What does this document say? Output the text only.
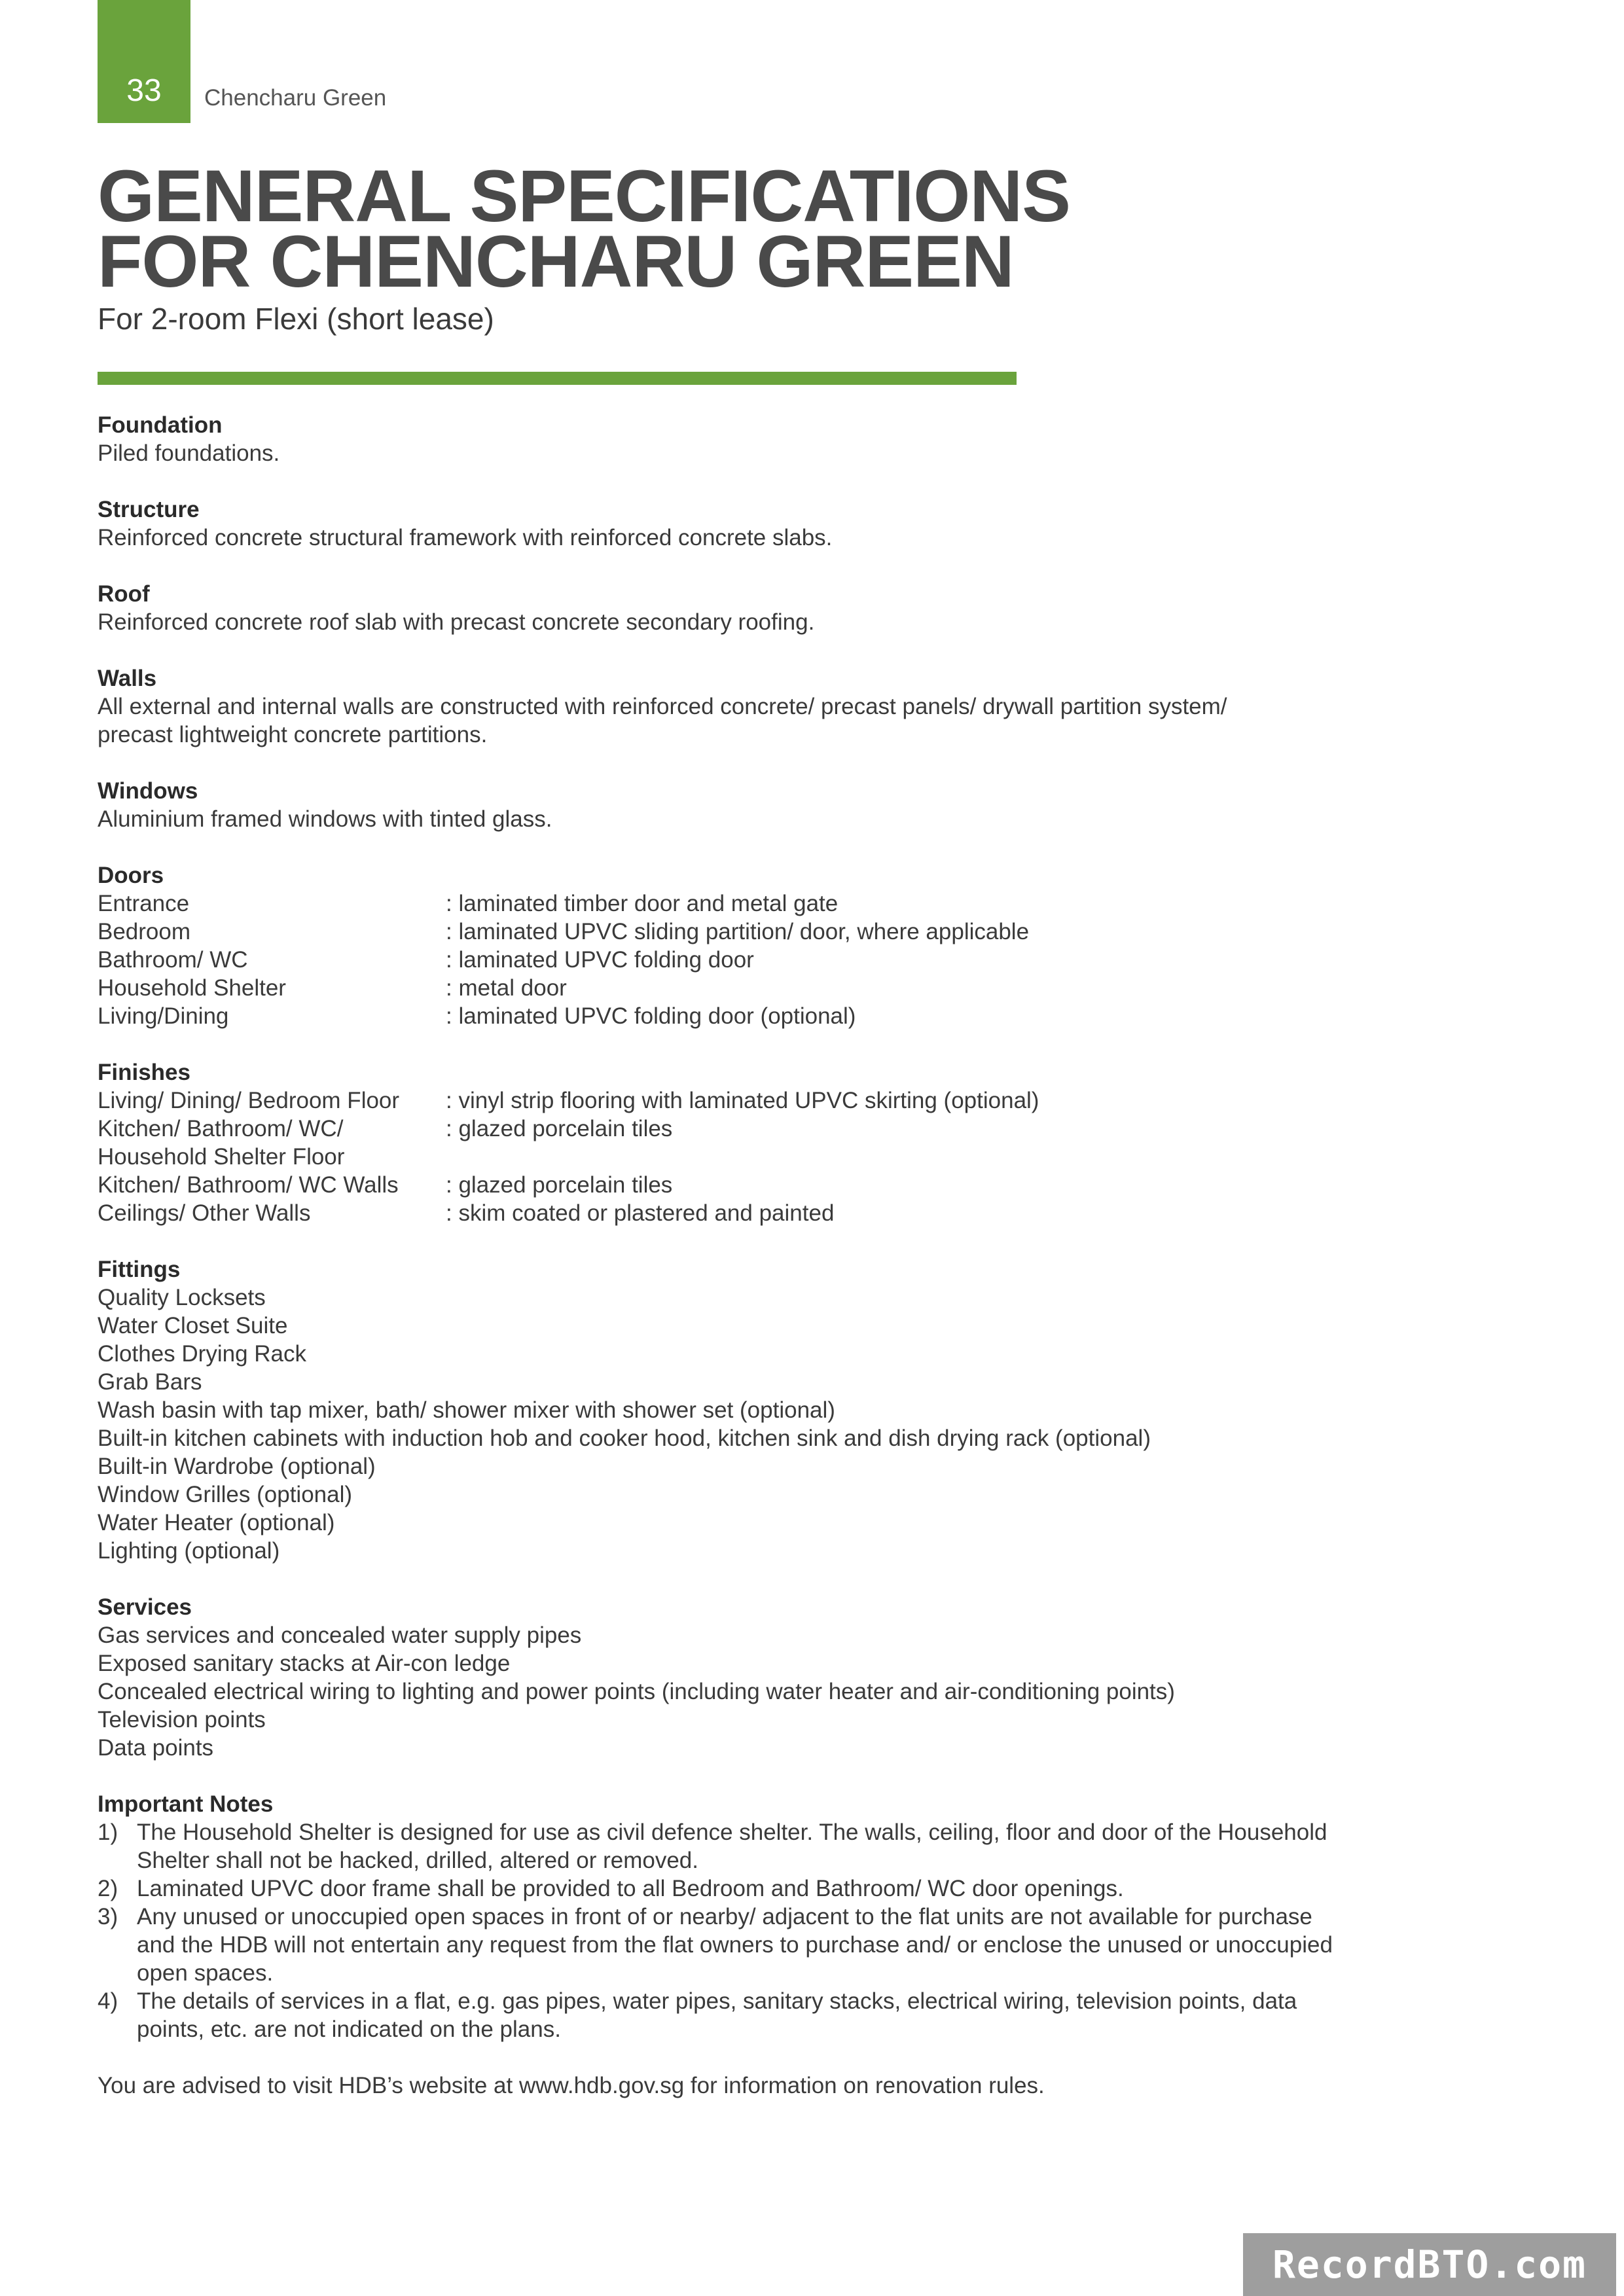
33 Chencharu Green
GENERAL SPECIFICATIONS
FOR CHENCHARU GREEN
For 2-room Flexi (short lease)
Foundation
Piled foundations.
Structure
Reinforced concrete structural framework with reinforced concrete slabs.
Roof
Reinforced concrete roof slab with precast concrete secondary roofing.
Walls
All external and internal walls are constructed with reinforced concrete/ precast panels/ drywall partition system/
precast lightweight concrete partitions.
Windows
Aluminium framed windows with tinted glass.
Doors
Entrance	: laminated timber door and metal gate
Bedroom	: laminated UPVC sliding partition/ door, where applicable
Bathroom/ WC	: laminated UPVC folding door
Household Shelter	: metal door
Living/Dining	: laminated UPVC folding door (optional)
Finishes
Living/ Dining/ Bedroom Floor	: vinyl strip flooring with laminated UPVC skirting (optional)
Kitchen/ Bathroom/ WC/	: glazed porcelain tiles
Household Shelter Floor
Kitchen/ Bathroom/ WC Walls	: glazed porcelain tiles
Ceilings/ Other Walls	: skim coated or plastered and painted
Fittings
Quality Locksets
Water Closet Suite
Clothes Drying Rack
Grab Bars
Wash basin with tap mixer, bath/ shower mixer with shower set (optional)
Built-in kitchen cabinets with induction hob and cooker hood, kitchen sink and dish drying rack (optional)
Built-in Wardrobe (optional)
Window Grilles (optional)
Water Heater (optional)
Lighting (optional)
Services
Gas services and concealed water supply pipes
Exposed sanitary stacks at Air-con ledge
Concealed electrical wiring to lighting and power points (including water heater and air-conditioning points)
Television points
Data points
Important Notes
1) The Household Shelter is designed for use as civil defence shelter. The walls, ceiling, floor and door of the Household Shelter shall not be hacked, drilled, altered or removed.
2) Laminated UPVC door frame shall be provided to all Bedroom and Bathroom/ WC door openings.
3) Any unused or unoccupied open spaces in front of or nearby/ adjacent to the flat units are not available for purchase and the HDB will not entertain any request from the flat owners to purchase and/ or enclose the unused or unoccupied open spaces.
4) The details of services in a flat, e.g. gas pipes, water pipes, sanitary stacks, electrical wiring, television points, data points, etc. are not indicated on the plans.
You are advised to visit HDB’s website at www.hdb.gov.sg for information on renovation rules.
RecordBTO.com
